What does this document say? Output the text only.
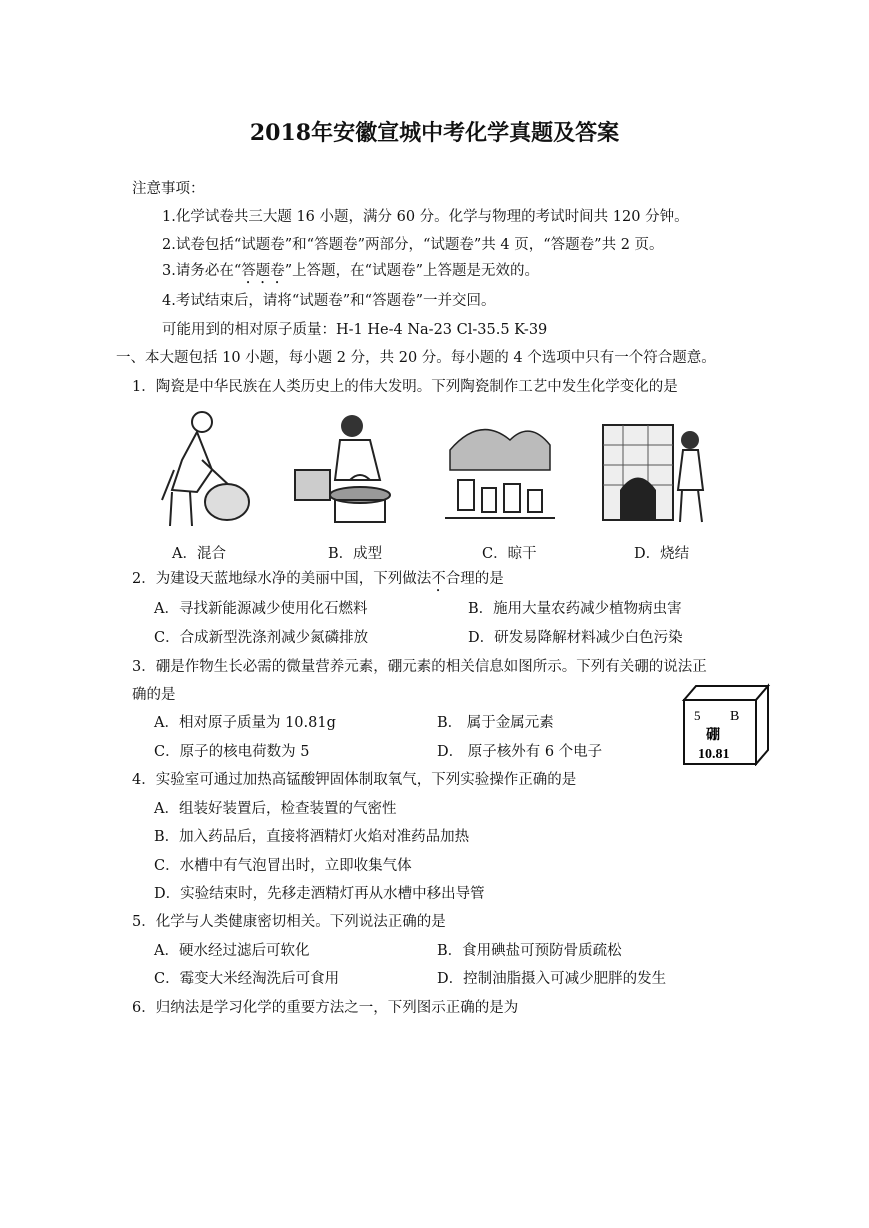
2018年安徽宣城中考化学真题及答案
注意事项：
1.化学试卷共三大题 16 小题，满分 60 分。化学与物理的考试时间共 120 分钟。
2.试卷包括“试题卷”和“答题卷”两部分，“试题卷”共 4 页，“答题卷”共 2 页。
3.请务必在“答题卷”上答题，在“试题卷”上答题是无效的。
4.考试结束后，请将“试题卷”和“答题卷”一并交回。
可能用到的相对原子质量：H-1 He-4 Na-23 Cl-35.5 K-39
一、本大题包括 10 小题，每小题 2 分，共 20 分。每小题的 4 个选项中只有一个符合题意。
1．陶瓷是中华民族在人类历史上的伟大发明。下列陶瓷制作工艺中发生化学变化的是
A．混合	B．成型	C．晾干	D．烧结
2．为建设天蓝地绿水净的美丽中国，下列做法不合理的是
A．寻找新能源减少使用化石燃料	B．施用大量农药减少植物病虫害
C．合成新型洗涤剂减少氮磷排放	D．研发易降解材料减少白色污染
3．硼是作物生长必需的微量营养元素，硼元素的相关信息如图所示。下列有关硼的说法正
确的是
A．相对原子质量为 10.81g	B． 属于金属元素
C．原子的核电荷数为 5	D． 原子核外有 6 个电子
5 B
硼
10.81
4．实验室可通过加热高锰酸钾固体制取氧气，下列实验操作正确的是
A．组装好装置后，检查装置的气密性
B．加入药品后，直接将酒精灯火焰对准药品加热
C．水槽中有气泡冒出时，立即收集气体
D．实验结束时，先移走酒精灯再从水槽中移出导管
5．化学与人类健康密切相关。下列说法正确的是
A．硬水经过滤后可软化	B．食用碘盐可预防骨质疏松
C．霉变大米经淘洗后可食用	D．控制油脂摄入可减少肥胖的发生
6．归纳法是学习化学的重要方法之一，下列图示正确的是为
